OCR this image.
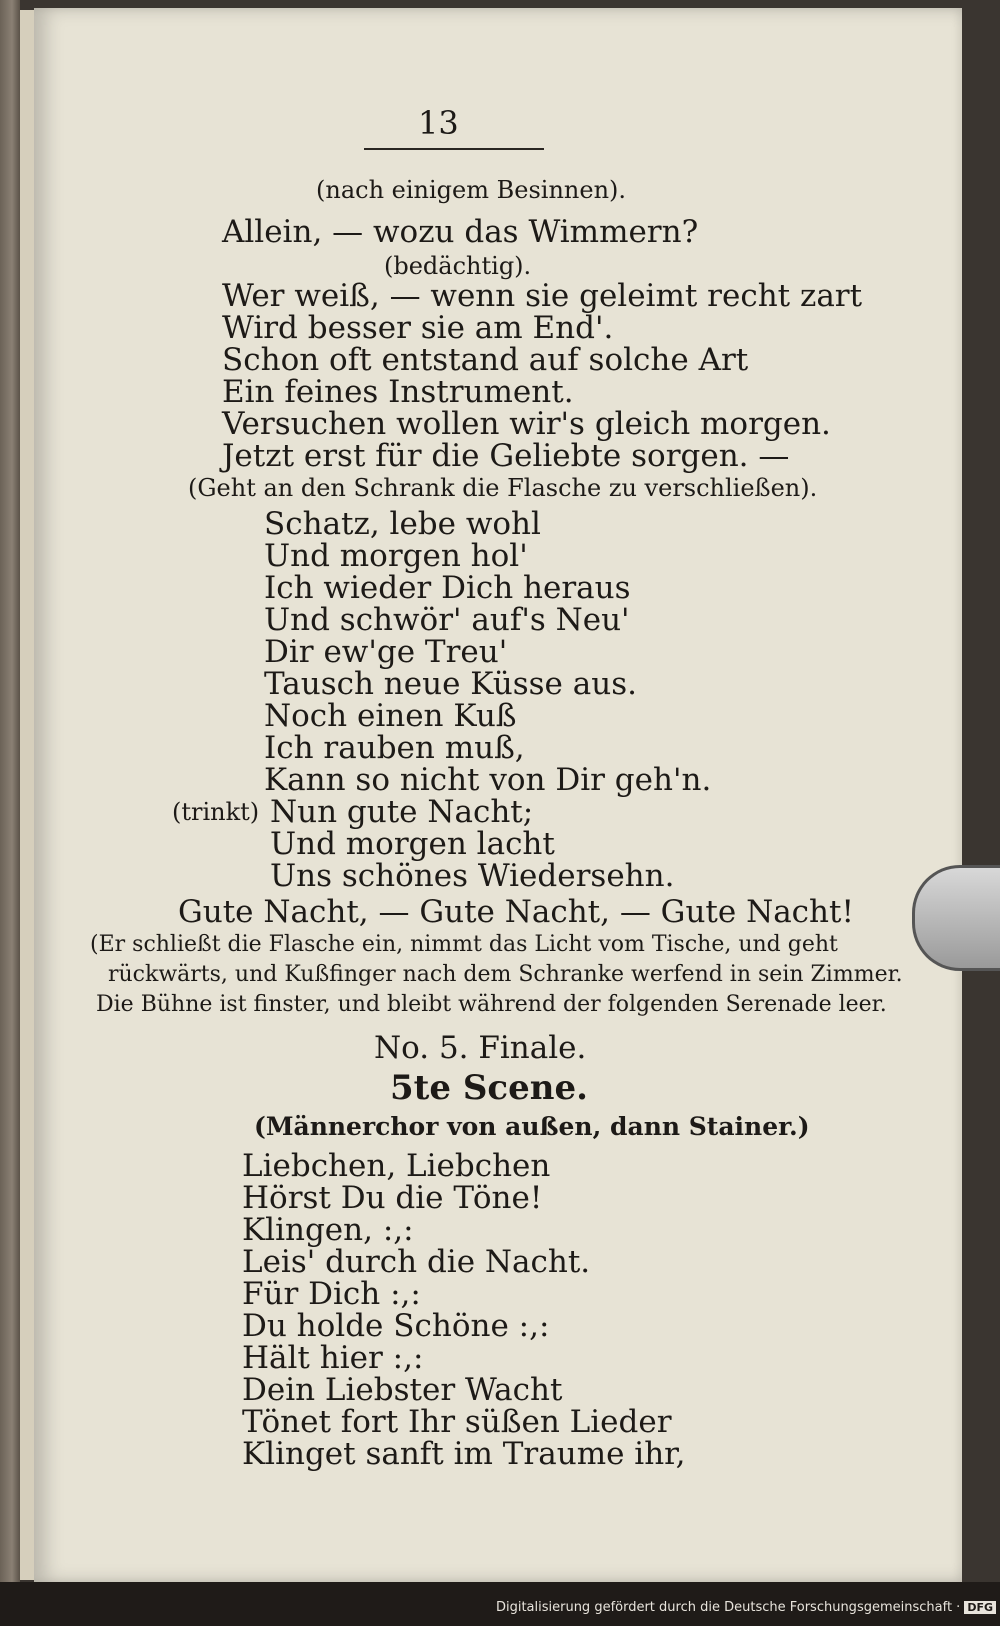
13
(nach einigem Besinnen).
Allein, — wozu das Wimmern?
(bedächtig).
Wer weiß, — wenn sie geleimt recht zart
Wird besser sie am End'.
Schon oft entstand auf solche Art
Ein feines Instrument.
Versuchen wollen wir's gleich morgen.
Jetzt erst für die Geliebte sorgen. —
(Geht an den Schrank die Flasche zu verschließen).
Schatz, lebe wohl
Und morgen hol'
Ich wieder Dich heraus
Und schwör' auf's Neu'
Dir ew'ge Treu'
Tausch neue Küsse aus.
Noch einen Kuß
Ich rauben muß,
Kann so nicht von Dir geh'n.
(trinkt) Nun gute Nacht;
Und morgen lacht
Uns schönes Wiedersehn.
Gute Nacht, — Gute Nacht, — Gute Nacht!
(Er schließt die Flasche ein, nimmt das Licht vom Tische, und geht
rückwärts, und Kußfinger nach dem Schranke werfend in sein Zimmer.
Die Bühne ist finster, und bleibt während der folgenden Serenade leer.
No. 5. Finale.
5te Scene.
(Männerchor von außen, dann Stainer.)
Liebchen, Liebchen
Hörst Du die Töne!
Klingen, :,:
Leis' durch die Nacht.
Für Dich :,:
Du holde Schöne :,:
Hält hier :,:
Dein Liebster Wacht
Tönet fort Ihr süßen Lieder
Klinget sanft im Traume ihr,
Digitalisierung gefördert durch die Deutsche Forschungsgemeinschaft · DFG
